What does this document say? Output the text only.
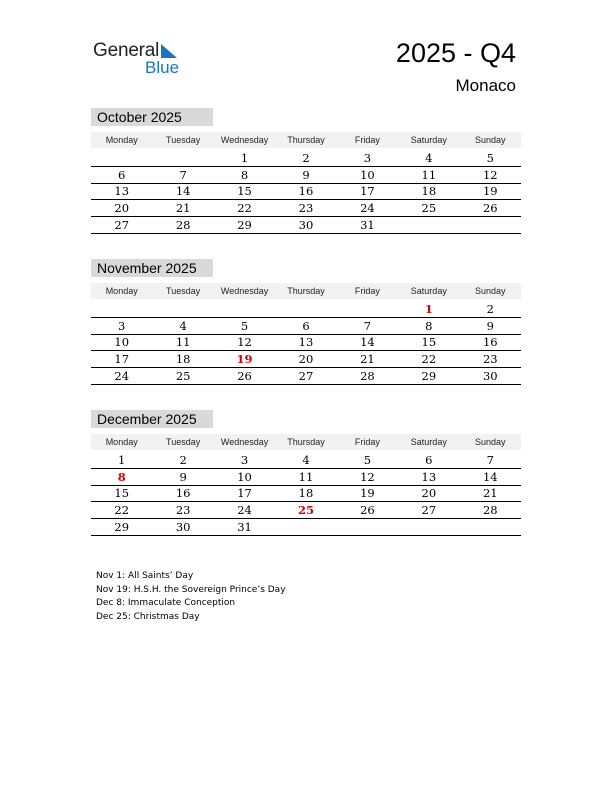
General
Blue	2025 - Q4
Monaco
October 2025
Monday	Tuesday	Wednesday	Thursday	Friday	Saturday	Sunday

		1	2	3	4	5
6	7	8	9	10	11	12
13	14	15	16	17	18	19
20	21	22	23	24	25	26
27	28	29	30	31		
November 2025
Monday	Tuesday	Wednesday	Thursday	Friday	Saturday	Sunday

					1	2
3	4	5	6	7	8	9
10	11	12	13	14	15	16
17	18	19	20	21	22	23
24	25	26	27	28	29	30
December 2025
Monday	Tuesday	Wednesday	Thursday	Friday	Saturday	Sunday

1	2	3	4	5	6	7
8	9	10	11	12	13	14
15	16	17	18	19	20	21
22	23	24	25	26	27	28
29	30	31				
Nov 1: All Saints’ Day
Nov 19: H.S.H. the Sovereign Prince’s Day
Dec 8: Immaculate Conception
Dec 25: Christmas Day
